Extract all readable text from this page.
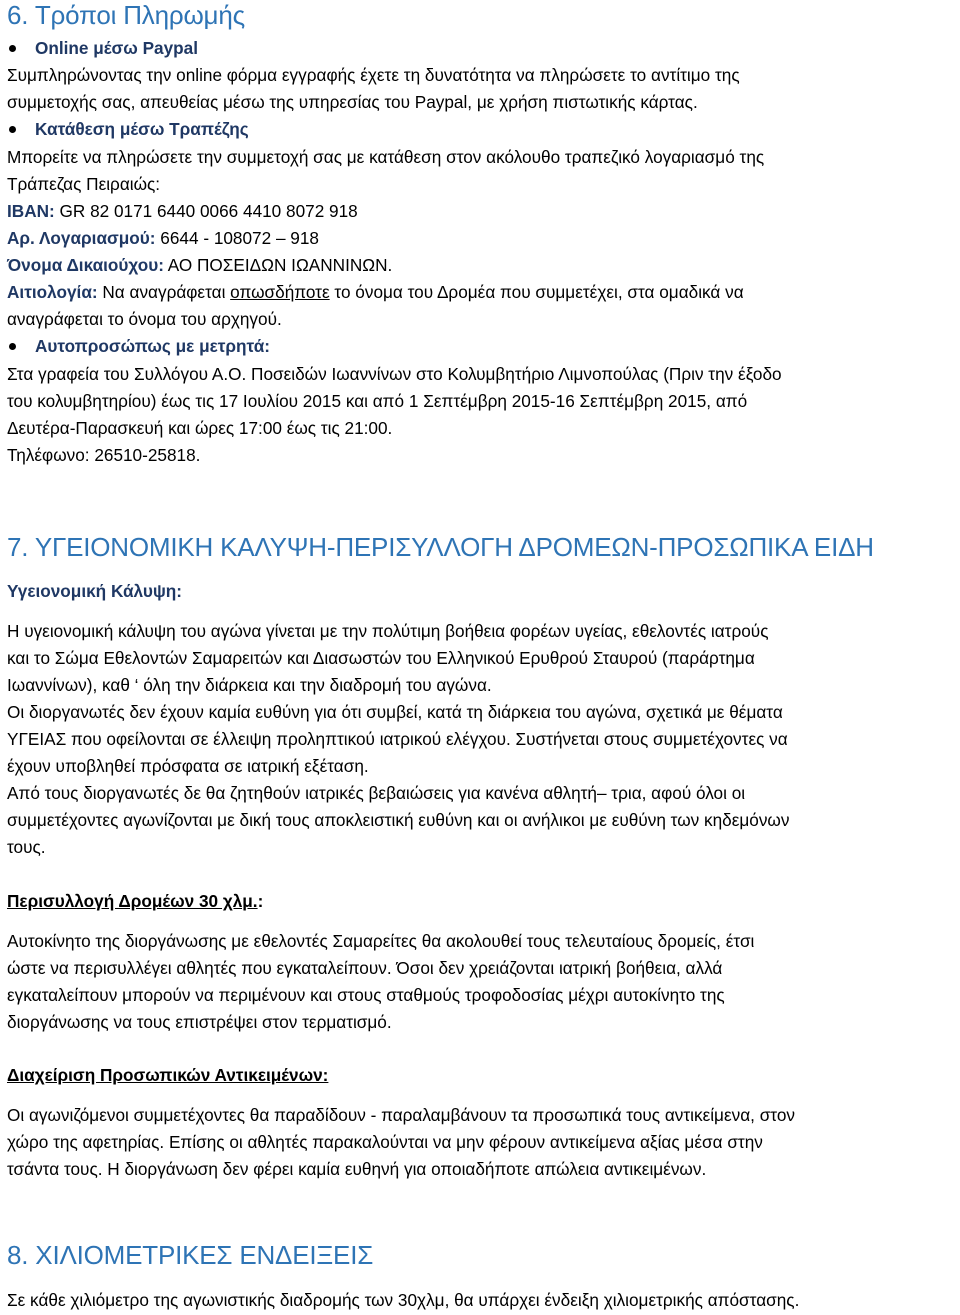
6. Τρόποι Πληρωμής
Online μέσω Paypal
Συμπληρώνοντας την online φόρμα εγγραφής έχετε τη δυνατότητα να πληρώσετε το αντίτιμο της
συμμετοχής σας, απευθείας μέσω της υπηρεσίας του Paypal, με χρήση πιστωτικής κάρτας.
Κατάθεση μέσω Τραπέζης
Μπορείτε να πληρώσετε την συμμετοχή σας με κατάθεση στον ακόλουθο τραπεζικό λογαριασμό της
Τράπεζας Πειραιώς:
IBAN: GR 82 0171 6440 0066 4410 8072 918
Αρ. Λογαριασμού: 6644 - 108072 – 918
Όνομα Δικαιούχου: ΑΟ ΠΟΣΕΙΔΩΝ ΙΩΑΝΝΙΝΩΝ.
Αιτιολογία: Να αναγράφεται οπωσδήποτε το όνομα του Δρομέα που συμμετέχει, στα ομαδικά να
αναγράφεται το όνομα του αρχηγού.
Αυτοπροσώπως με μετρητά:
Στα γραφεία του Συλλόγου Α.Ο. Ποσειδών Ιωαννίνων στο Κολυμβητήριο Λιμνοπούλας (Πριν την έξοδο
του κολυμβητηρίου) έως τις 17 Ιουλίου 2015 και από 1 Σεπτέμβρη 2015-16 Σεπτέμβρη 2015, από
Δευτέρα-Παρασκευή και ώρες 17:00 έως τις 21:00.
Τηλέφωνο: 26510-25818.
7. ΥΓΕΙΟΝΟΜΙΚΗ ΚΑΛΥΨΗ-ΠΕΡΙΣΥΛΛΟΓΗ ΔΡΟΜΕΩΝ-ΠΡΟΣΩΠΙΚΑ ΕΙΔΗ
Υγειονομική Κάλυψη:
Η υγειονομική κάλυψη του αγώνα γίνεται με την πολύτιμη βοήθεια φορέων υγείας, εθελοντές ιατρούς
και το Σώμα Εθελοντών Σαμαρειτών και Διασωστών του Ελληνικού Ερυθρού Σταυρού (παράρτημα
Ιωαννίνων), καθ ‘ όλη την διάρκεια και την διαδρομή του αγώνα.
Οι διοργανωτές δεν έχουν καμία ευθύνη για ότι συμβεί, κατά τη διάρκεια του αγώνα, σχετικά με θέματα
ΥΓΕΙΑΣ που οφείλονται σε έλλειψη προληπτικού ιατρικού ελέγχου. Συστήνεται στους συμμετέχοντες να
έχουν υποβληθεί πρόσφατα σε ιατρική εξέταση.
Από τους διοργανωτές δε θα ζητηθούν ιατρικές βεβαιώσεις για κανένα αθλητή– τρια, αφού όλοι οι
συμμετέχοντες αγωνίζονται με δική τους αποκλειστική ευθύνη και οι ανήλικοι με ευθύνη των κηδεμόνων
τους.
Περισυλλογή Δρομέων 30 χλμ.:
Αυτοκίνητο της διοργάνωσης με εθελοντές Σαμαρείτες θα ακολουθεί τους τελευταίους δρομείς, έτσι
ώστε να περισυλλέγει αθλητές που εγκαταλείπουν. Όσοι δεν χρειάζονται ιατρική βοήθεια, αλλά
εγκαταλείπουν μπορούν να περιμένουν και στους σταθμούς τροφοδοσίας μέχρι αυτοκίνητο της
διοργάνωσης να τους επιστρέψει στον τερματισμό.
Διαχείριση Προσωπικών Αντικειμένων:
Οι αγωνιζόμενοι συμμετέχοντες θα παραδίδουν - παραλαμβάνουν τα προσωπικά τους αντικείμενα, στον
χώρο της αφετηρίας. Επίσης οι αθλητές παρακαλούνται να μην φέρουν αντικείμενα αξίας μέσα στην
τσάντα τους. Η διοργάνωση δεν φέρει καμία ευθηνή για οποιαδήποτε απώλεια αντικειμένων.
8. ΧΙΛΙΟΜΕΤΡΙΚΕΣ ΕΝΔΕΙΞΕΙΣ
Σε κάθε χιλιόμετρο της αγωνιστικής διαδρομής των 30χλμ, θα υπάρχει ένδειξη χιλιομετρικής απόστασης.
